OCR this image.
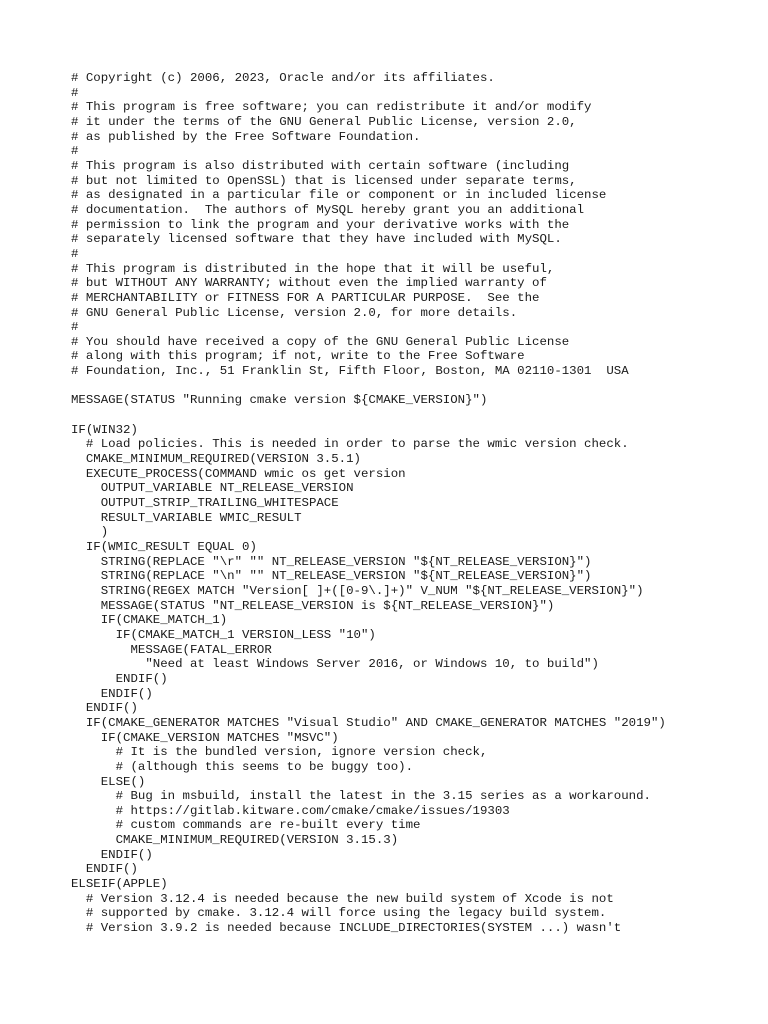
# Copyright (c) 2006, 2023, Oracle and/or its affiliates.
#
# This program is free software; you can redistribute it and/or modify
# it under the terms of the GNU General Public License, version 2.0,
# as published by the Free Software Foundation.
#
# This program is also distributed with certain software (including
# but not limited to OpenSSL) that is licensed under separate terms,
# as designated in a particular file or component or in included license
# documentation.  The authors of MySQL hereby grant you an additional
# permission to link the program and your derivative works with the
# separately licensed software that they have included with MySQL.
#
# This program is distributed in the hope that it will be useful,
# but WITHOUT ANY WARRANTY; without even the implied warranty of
# MERCHANTABILITY or FITNESS FOR A PARTICULAR PURPOSE.  See the
# GNU General Public License, version 2.0, for more details.
#
# You should have received a copy of the GNU General Public License
# along with this program; if not, write to the Free Software
# Foundation, Inc., 51 Franklin St, Fifth Floor, Boston, MA 02110-1301  USA
MESSAGE(STATUS "Running cmake version ${CMAKE_VERSION}")
IF(WIN32)
# Load policies. This is needed in order to parse the wmic version check.
CMAKE_MINIMUM_REQUIRED(VERSION 3.5.1)
EXECUTE_PROCESS(COMMAND wmic os get version
OUTPUT_VARIABLE NT_RELEASE_VERSION
OUTPUT_STRIP_TRAILING_WHITESPACE
RESULT_VARIABLE WMIC_RESULT
)
IF(WMIC_RESULT EQUAL 0)
STRING(REPLACE "\r" "" NT_RELEASE_VERSION "${NT_RELEASE_VERSION}")
STRING(REPLACE "\n" "" NT_RELEASE_VERSION "${NT_RELEASE_VERSION}")
STRING(REGEX MATCH "Version[ ]+([0-9\.]+)" V_NUM "${NT_RELEASE_VERSION}")
MESSAGE(STATUS "NT_RELEASE_VERSION is ${NT_RELEASE_VERSION}")
IF(CMAKE_MATCH_1)
IF(CMAKE_MATCH_1 VERSION_LESS "10")
MESSAGE(FATAL_ERROR
"Need at least Windows Server 2016, or Windows 10, to build")
ENDIF()
ENDIF()
ENDIF()
IF(CMAKE_GENERATOR MATCHES "Visual Studio" AND CMAKE_GENERATOR MATCHES "2019")
IF(CMAKE_VERSION MATCHES "MSVC")
# It is the bundled version, ignore version check,
# (although this seems to be buggy too).
ELSE()
# Bug in msbuild, install the latest in the 3.15 series as a workaround.
# https://gitlab.kitware.com/cmake/cmake/issues/19303
# custom commands are re-built every time
CMAKE_MINIMUM_REQUIRED(VERSION 3.15.3)
ENDIF()
ENDIF()
ELSEIF(APPLE)
# Version 3.12.4 is needed because the new build system of Xcode is not
# supported by cmake. 3.12.4 will force using the legacy build system.
# Version 3.9.2 is needed because INCLUDE_DIRECTORIES(SYSTEM ...) wasn't
